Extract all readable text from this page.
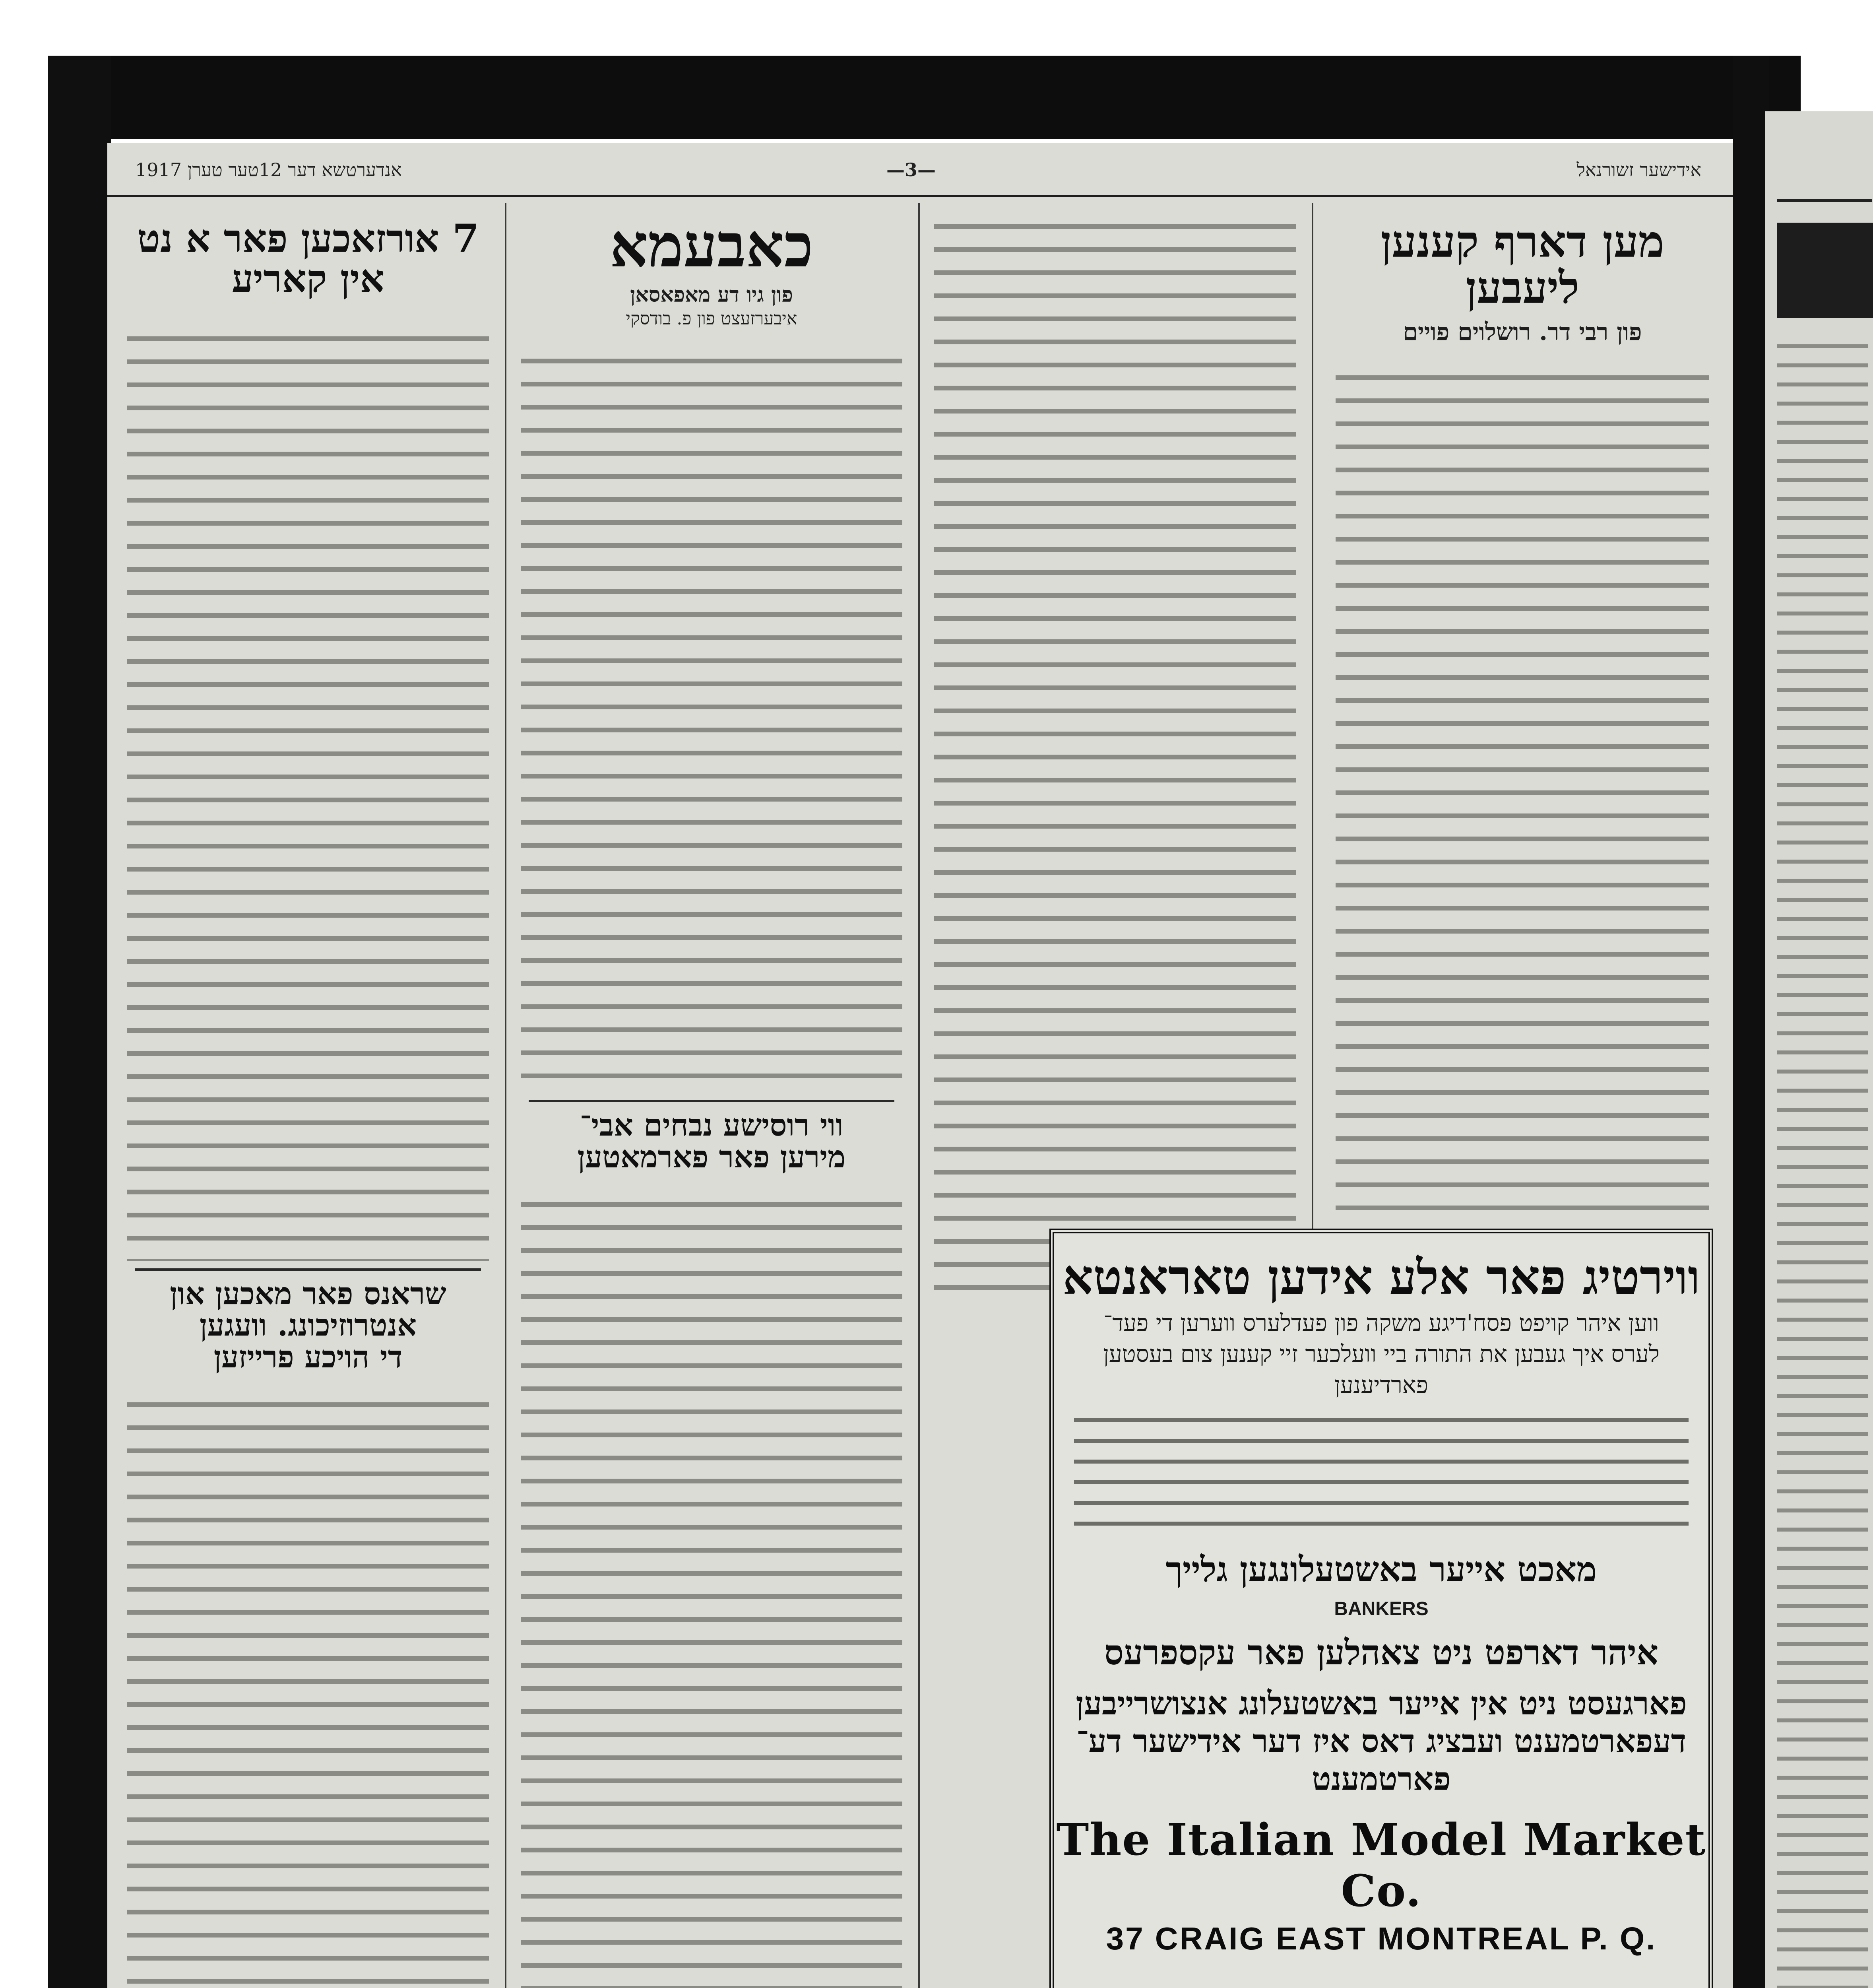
אנדערטשא דער 12טער טערן 1917	—3—	אידישער זשורנאל
מען דארף קענען ליעבען
פון רבי דר. רושלוים פויים
כאבעמא
פון גיו דע מאפאסאן
איבערזעצט פון פ. בודסקי
ווי רוסישע נבחים אבי־
מירען פאר פארמאטען
7 אורזאכען פאר א נט אין קאריע
שראנס פאר מאכען און
אנטרוזיכונג. וועגען
די הויכע פרייזען
ווירטיג פאר אלע אידען טאראנטא
ווען איהר קויפט פסח'דיגע משקה פון פעדלערס ווערען די פעד־
לערס איך געבען את התורה ביי וועלכער זיי קענען צום בעסטען
פארדיענען
מאכט אייער באשטעלונגען גלייך
BANKERS
איהר דארפט ניט צאהלען פאר עקספרעס
פארגעסט ניט אין אייער באשטעלונג אנצושרייבען
דעפארטמענט ועבציג דאס איז דער אידישער דע־
פארטמענט
The Italian Model Market Co.
37 CRAIG EAST MONTREAL P. Q.
